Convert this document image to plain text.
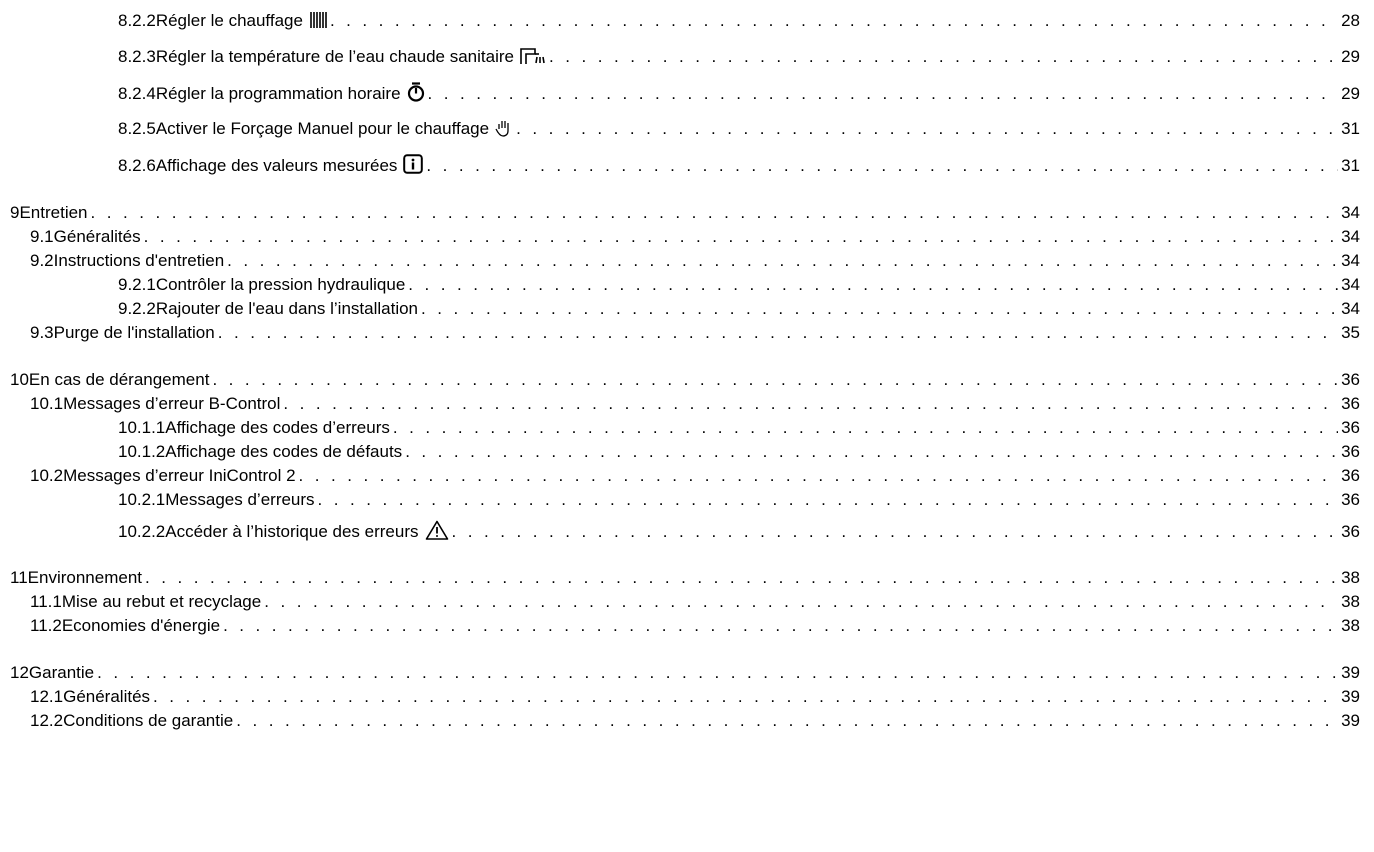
8.2.2 Régler le chauffage . . .	28
8.2.3 Régler la température de l’eau chaude sanitaire . . .	29
8.2.4 Régler la programmation horaire . . .	29
8.2.5 Activer le Forçage Manuel pour le chauffage . . .	31
8.2.6 Affichage des valeurs mesurées . . .	31
9 Entretien . . .	34
9.1 Généralités . . .	34
9.2 Instructions d'entretien . . .	34
9.2.1 Contrôler la pression hydraulique . . .	34
9.2.2 Rajouter de l'eau dans l’installation . . .	34
9.3 Purge de l'installation . . .	35
10 En cas de dérangement . . .	36
10.1 Messages d’erreur B-Control . . .	36
10.1.1 Affichage des codes d’erreurs . . .	36
10.1.2 Affichage des codes de défauts . . .	36
10.2 Messages d’erreur IniControl 2 . . .	36
10.2.1 Messages d’erreurs . . .	36
10.2.2 Accéder à l’historique des erreurs . . .	36
11 Environnement . . .	38
11.1 Mise au rebut et recyclage . . .	38
11.2 Economies d'énergie . . .	38
12 Garantie . . .	39
12.1 Généralités . . .	39
12.2 Conditions de garantie . . .	39
